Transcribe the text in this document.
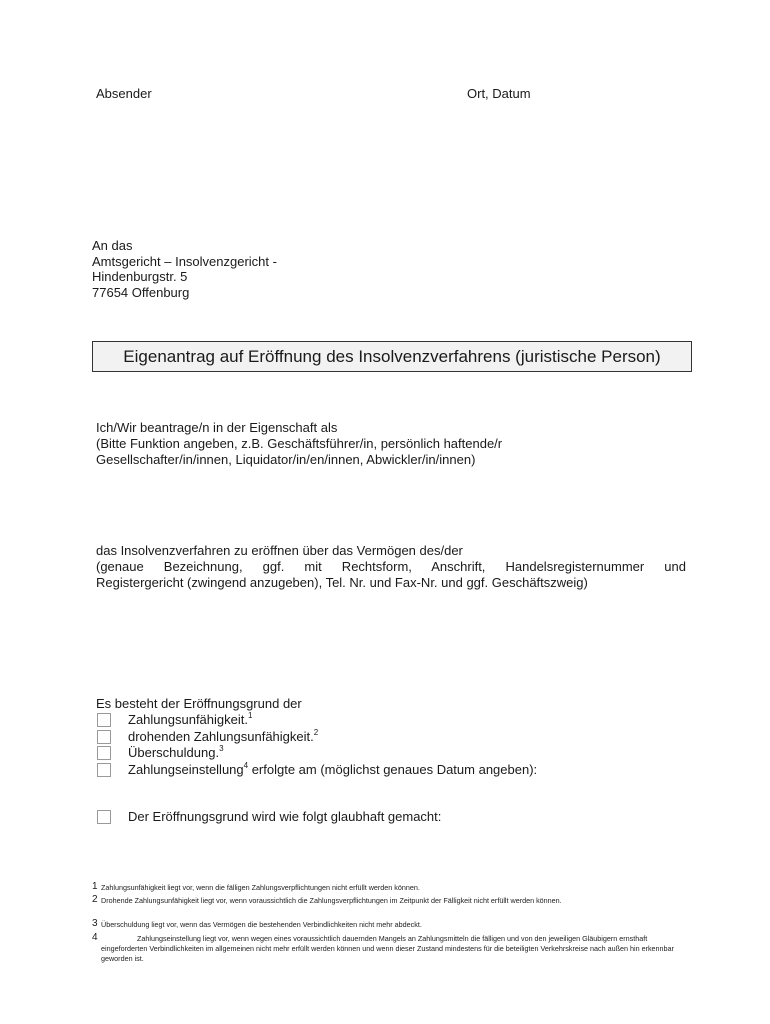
Absender	Ort, Datum
An das
Amtsgericht – Insolvenzgericht -
Hindenburgstr. 5
77654 Offenburg
Eigenantrag auf Eröffnung des Insolvenzverfahrens (juristische Person)
Ich/Wir beantrage/n in der Eigenschaft als
(Bitte Funktion angeben, z.B. Geschäftsführer/in, persönlich haftende/r
Gesellschafter/in/innen, Liquidator/in/en/innen, Abwickler/in/innen)
das Insolvenzverfahren zu eröffnen über das Vermögen des/der
(genaue Bezeichnung, ggf. mit Rechtsform, Anschrift, Handelsregisternummer und
Registergericht (zwingend anzugeben), Tel. Nr. und Fax-Nr. und ggf. Geschäftszweig)
Es besteht der Eröffnungsgrund der
Zahlungsunfähigkeit.$^1$
drohenden Zahlungsunfähigkeit.$^2$
Überschuldung.$^3$
Zahlungseinstellung$^4$ erfolgte am (möglichst genaues Datum angeben):
Der Eröffnungsgrund wird wie folgt glaubhaft gemacht:
1 Zahlungsunfähigkeit liegt vor, wenn die fälligen Zahlungsverpflichtungen nicht erfüllt werden können.
2 Drohende Zahlungsunfähigkeit liegt vor, wenn voraussichtlich die Zahlungsverpflichtungen im Zeitpunkt der Fälligkeit nicht erfüllt werden können.
3 Überschuldung liegt vor, wenn das Vermögen die bestehenden Verbindlichkeiten nicht mehr abdeckt.
4	Zahlungseinstellung liegt vor, wenn wegen eines voraussichtlich dauernden Mangels an Zahlungsmitteln die fälligen und von den jeweiligen Gläubigern ernsthaft eingeforderten Verbindlichkeiten im allgemeinen nicht mehr erfüllt werden können und wenn dieser Zustand mindestens für die beteiligten Verkehrskreise nach außen hin erkennbar geworden ist.
